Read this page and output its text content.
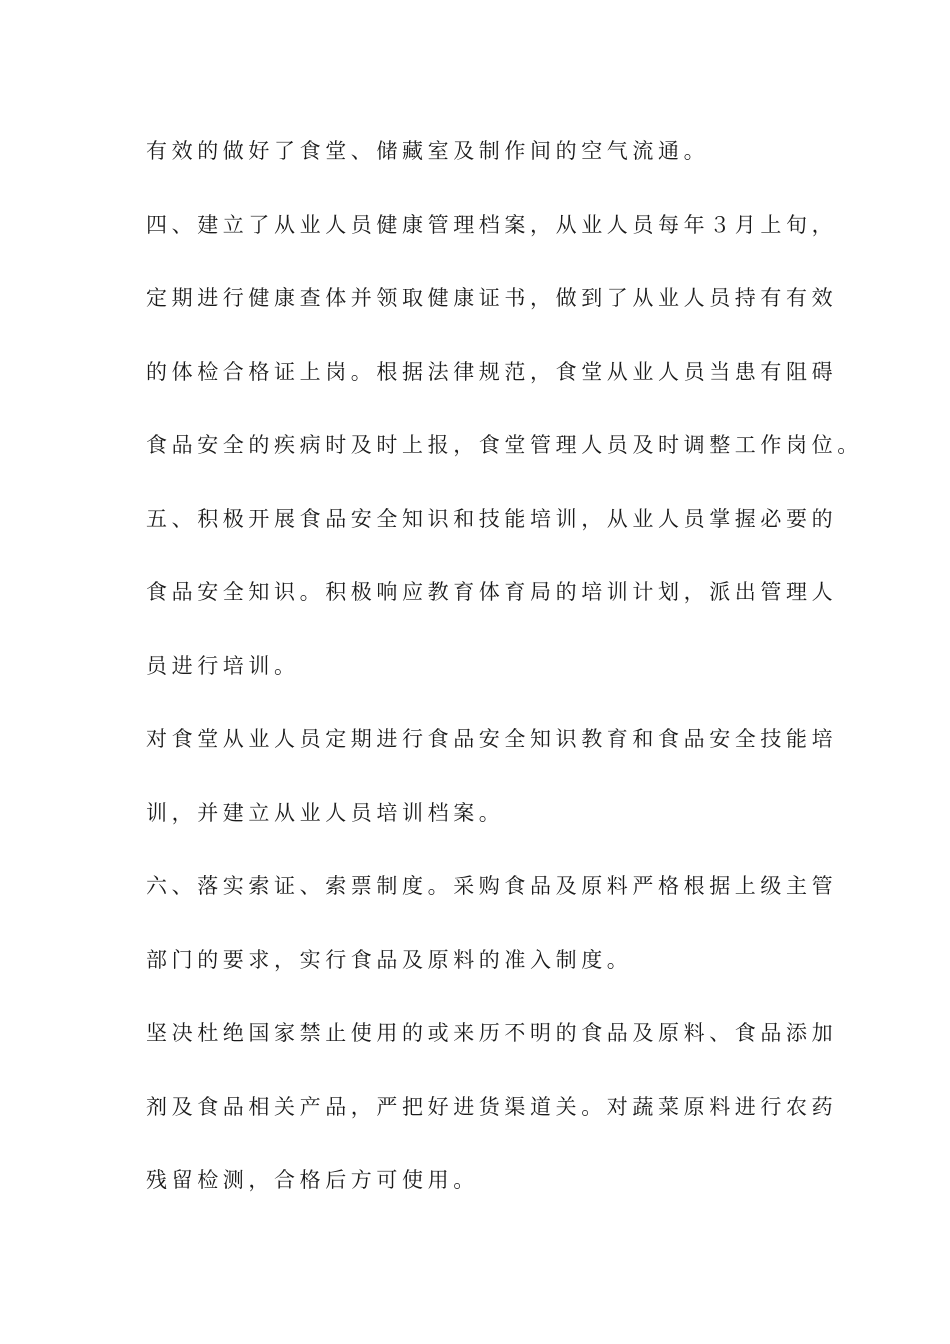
有效的做好了食堂、储藏室及制作间的空气流通。
四、建立了从业人员健康管理档案，从业人员每年３月上旬，
定期进行健康查体并领取健康证书，做到了从业人员持有有效
的体检合格证上岗。根据法律规范，食堂从业人员当患有阻碍
食品安全的疾病时及时上报，食堂管理人员及时调整工作岗位。
五、积极开展食品安全知识和技能培训，从业人员掌握必要的
食品安全知识。积极响应教育体育局的培训计划，派出管理人
员进行培训。
对食堂从业人员定期进行食品安全知识教育和食品安全技能培
训，并建立从业人员培训档案。
六、落实索证、索票制度。采购食品及原料严格根据上级主管
部门的要求，实行食品及原料的准入制度。
坚决杜绝国家禁止使用的或来历不明的食品及原料、食品添加
剂及食品相关产品，严把好进货渠道关。对蔬菜原料进行农药
残留检测，合格后方可使用。
